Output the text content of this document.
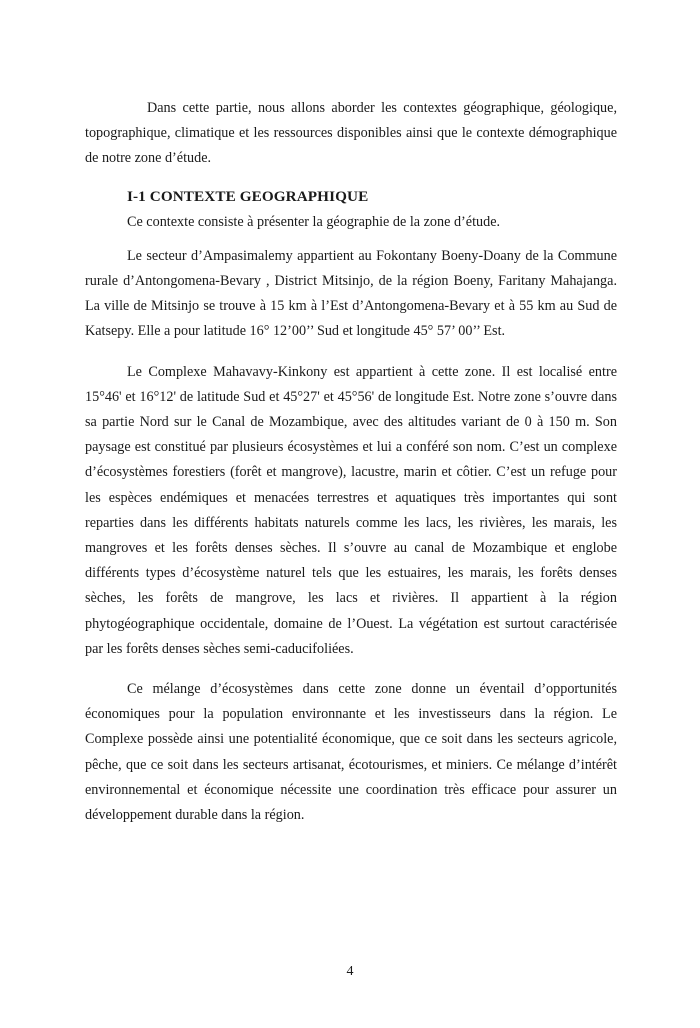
Dans cette partie, nous allons aborder les contextes géographique, géologique, topographique, climatique et les ressources disponibles ainsi que le contexte démographique de notre zone d’étude.

I-1 CONTEXTE GEOGRAPHIQUE

Ce contexte consiste à présenter la géographie de la zone d’étude.

Le secteur d’Ampasimalemy appartient au Fokontany Boeny-Doany de la Commune rurale d’Antongomena-Bevary , District Mitsinjo, de la région Boeny, Faritany Mahajanga. La ville de Mitsinjo se trouve à 15 km à l’Est d’Antongomena-Bevary et à 55 km au Sud de Katsepy. Elle a pour latitude 16° 12’00’’ Sud et longitude 45° 57’ 00’’ Est.

Le Complexe Mahavavy-Kinkony est appartient à cette zone. Il est localisé entre 15°46' et 16°12' de latitude Sud et 45°27' et 45°56' de longitude Est. Notre zone s’ouvre dans sa partie Nord sur le Canal de Mozambique, avec des altitudes variant de 0 à 150 m. Son paysage est constitué par plusieurs écosystèmes et lui a conféré son nom. C’est un complexe d’écosystèmes forestiers (forêt et mangrove), lacustre, marin et côtier. C’est un refuge pour les espèces endémiques et menacées terrestres et aquatiques très importantes qui sont reparties dans les différents habitats naturels comme les lacs, les rivières, les marais, les mangroves et les forêts denses sèches. Il s’ouvre au canal de Mozambique et englobe différents types d’écosystème naturel tels que les estuaires, les marais, les forêts denses sèches, les forêts de mangrove, les lacs et rivières. Il appartient à la région phytogéographique occidentale, domaine de l’Ouest. La végétation est surtout caractérisée par les forêts denses sèches semi-caducifoliées.

Ce mélange d’écosystèmes dans cette zone donne un éventail d’opportunités économiques pour la population environnante et les investisseurs dans la région. Le Complexe possède ainsi une potentialité économique, que ce soit dans les secteurs agricole, pêche, que ce soit dans les secteurs artisanat, écotourismes, et miniers. Ce mélange d’intérêt environnemental et économique nécessite une coordination très efficace pour assurer un développement durable dans la région.

4
